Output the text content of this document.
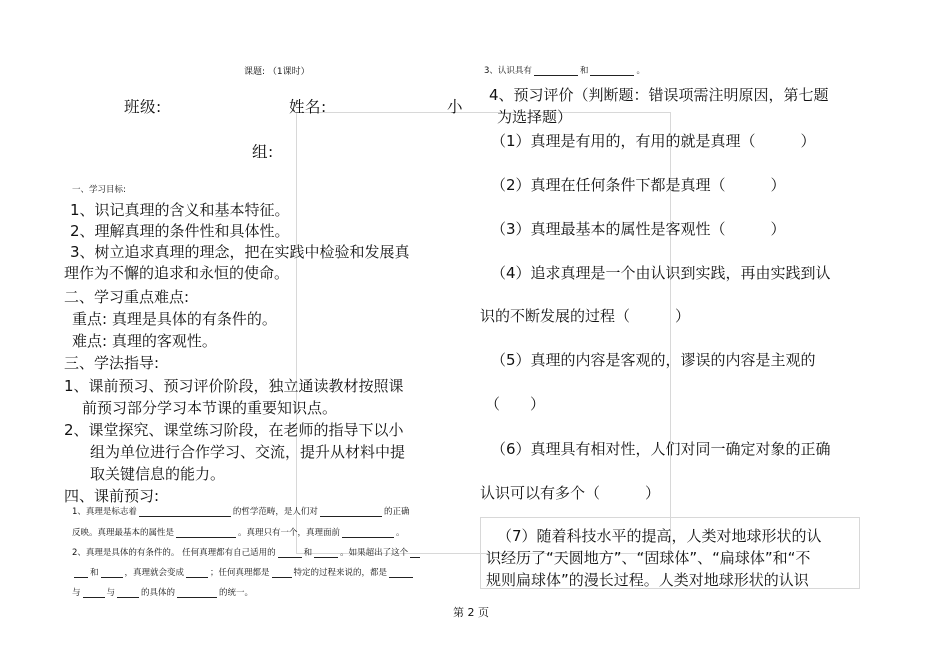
课题: （1课时）
班级:	姓名:	小
组:
一、学习目标:
1、识记真理的含义和基本特征。
2、理解真理的条件性和具体性。
3、树立追求真理的理念，把在实践中检验和发展真
理作为不懈的追求和永恒的使命。
二、学习重点难点:
重点: 真理是具体的有条件的。
难点: 真理的客观性。
三、学法指导:
1、课前预习、预习评价阶段，独立通读教材按照课
前预习部分学习本节课的重要知识点。
2、课堂探究、课堂练习阶段，在老师的指导下以小
组为单位进行合作学习、交流，提升从材料中提
取关键信息的能力。
四、课前预习:
1、真理是标志着	的哲学范畴，是人们对	的正确
反映。真理最基本的属性是	。真理只有一个，真理面前	。
2、真理是具体的有条件的。 任何真理都有自己适用的	和	。如果超出了这个
和	，真理就会变成	；任何真理都是	特定的过程来说的，都是
与	与	的具体的	的统一。
3、认识具有	和	。
4、预习评价（判断题：错误项需注明原因，第七题
为选择题）
（1）真理是有用的，有用的就是真理（　　　）
（2）真理在任何条件下都是真理（　　　）
（3）真理最基本的属性是客观性（　　　）
（4）追求真理是一个由认识到实践，再由实践到认
识的不断发展的过程（　　　）
（5）真理的内容是客观的，谬误的内容是主观的
（　　）
（6）真理具有相对性，人们对同一确定对象的正确
认识可以有多个（　　　）
（7）随着科技水平的提高，人类对地球形状的认
识经历了“天圆地方”、“固球体”、“扁球体”和“不
规则扁球体”的漫长过程。人类对地球形状的认识
第 2 页
